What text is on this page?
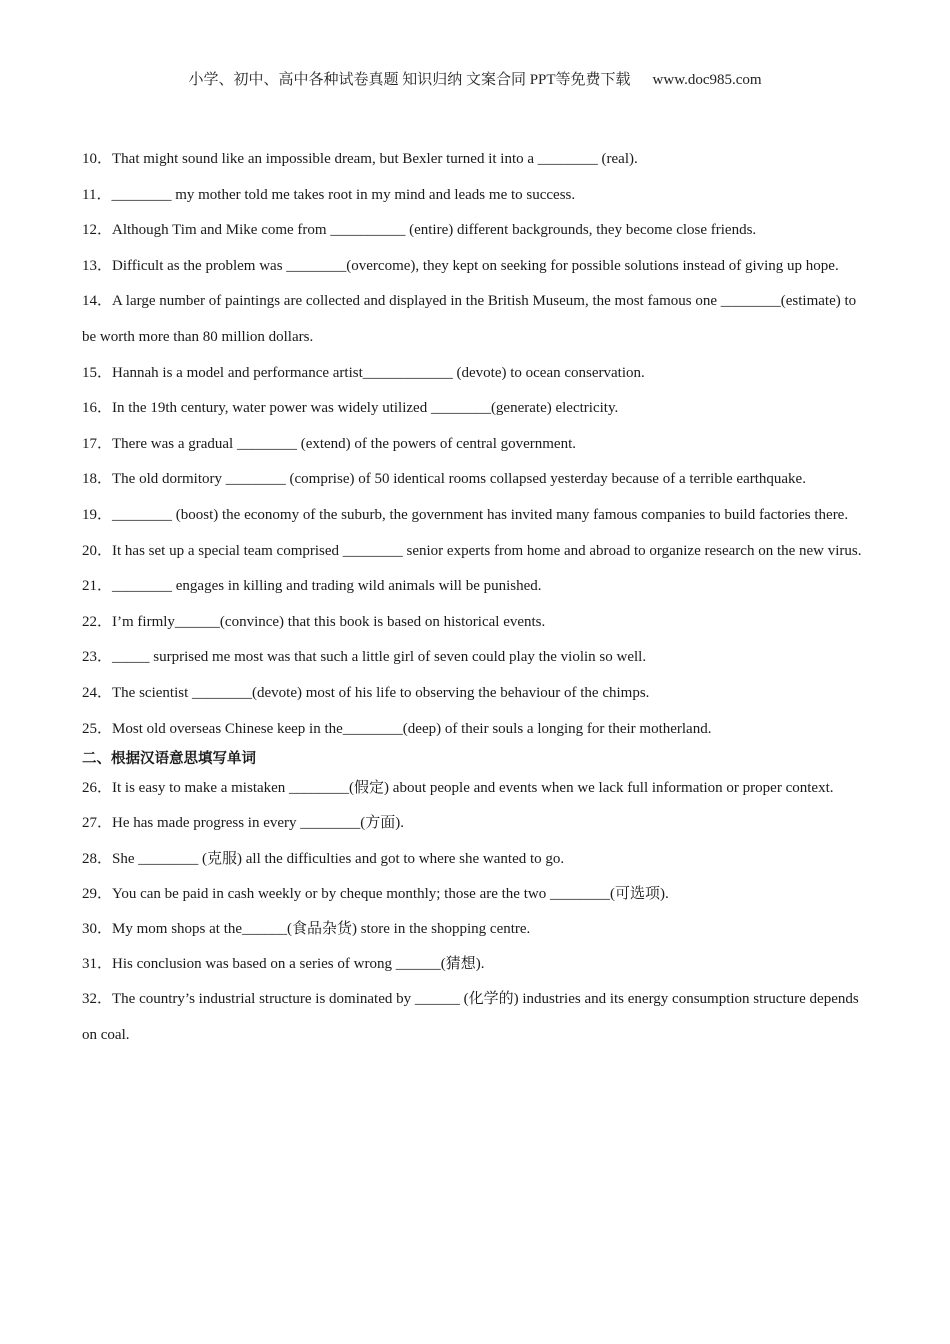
小学、初中、高中各种试卷真题 知识归纳 文案合同 PPT等免费下载 www.doc985.com

10．That might sound like an impossible dream, but Bexler turned it into a ________ (real).

11．________ my mother told me takes root in my mind and leads me to success.

12．Although Tim and Mike come from __________ (entire) different backgrounds, they become close friends.

13．Difficult as the problem was ________(overcome), they kept on seeking for possible solutions instead of giving up hope.

14．A large number of paintings are collected and displayed in the British Museum, the most famous one ________(estimate) to be worth more than 80 million dollars.

15．Hannah is a model and performance artist____________ (devote) to ocean conservation.

16．In the 19th century, water power was widely utilized ________(generate) electricity.

17．There was a gradual ________ (extend) of the powers of central government.

18．The old dormitory ________ (comprise) of 50 identical rooms collapsed yesterday because of a terrible earthquake.

19．________ (boost) the economy of the suburb, the government has invited many famous companies to build factories there.

20．It has set up a special team comprised ________ senior experts from home and abroad to organize research on the new virus.

21．________ engages in killing and trading wild animals will be punished.

22．I’m firmly______(convince) that this book is based on historical events.

23．_____ surprised me most was that such a little girl of seven could play the violin so well.

24．The scientist ________(devote) most of his life to observing the behaviour of the chimps.

25．Most old overseas Chinese keep in the________(deep) of their souls a longing for their motherland.

二、根据汉语意思填写单词

26．It is easy to make a mistaken ________(假定) about people and events when we lack full information or proper context.

27．He has made progress in every ________(方面).

28．She ________ (克服) all the difficulties and got to where she wanted to go.

29．You can be paid in cash weekly or by cheque monthly; those are the two ________(可选项).

30．My mom shops at the______(食品杂货) store in the shopping centre.

31．His conclusion was based on a series of wrong ______(猜想).

32．The country’s industrial structure is dominated by ______ (化学的) industries and its energy consumption structure depends on coal.
